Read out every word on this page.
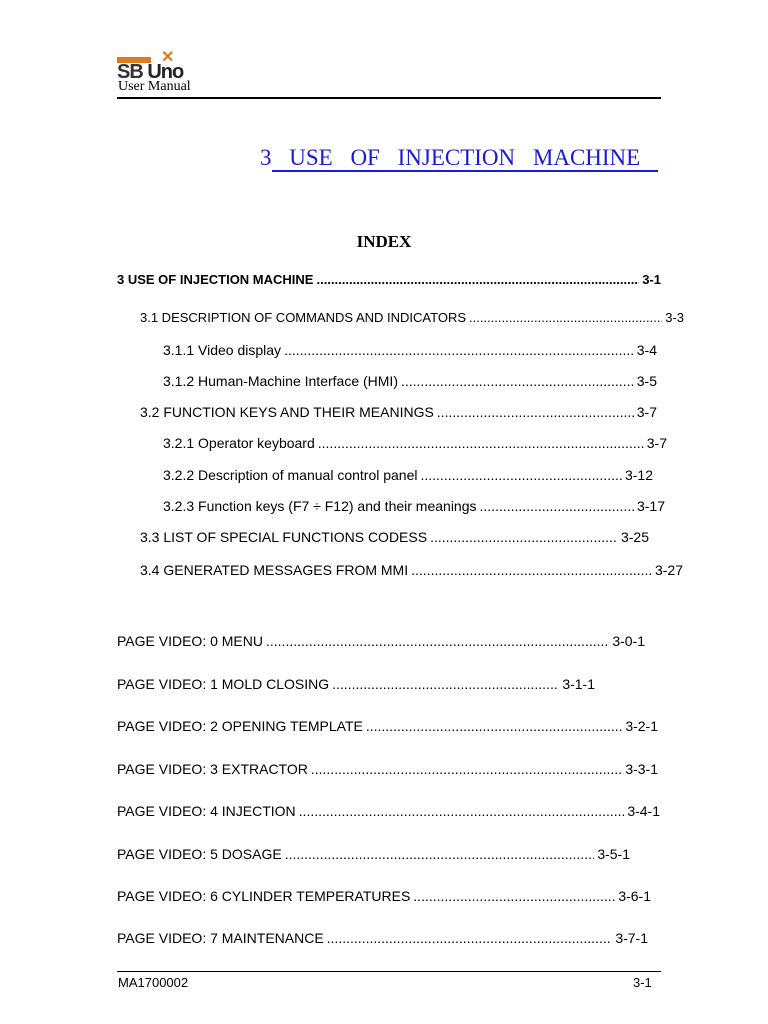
✕
SB Uno
User Manual
3 USE OF INJECTION MACHINE
INDEX
3 USE OF INJECTION MACHINE .....	3-1
3.1 DESCRIPTION OF COMMANDS AND INDICATORS .....	3-3
3.1.1 Video display .....	3-4
3.1.2 Human-Machine Interface (HMI) .....	3-5
3.2 FUNCTION KEYS AND THEIR MEANINGS .....	3-7
3.2.1 Operator keyboard .....	3-7
3.2.2 Description of manual control panel .....	3-12
3.2.3 Function keys (F7 ÷ F12) and their meanings .....	3-17
3.3 LIST OF SPECIAL FUNCTIONS CODESS .....	3-25
3.4 GENERATED MESSAGES FROM MMI .....	3-27
PAGE VIDEO: 0 MENU .....	3-0-1
PAGE VIDEO: 1 MOLD CLOSING .....	3-1-1
PAGE VIDEO: 2 OPENING TEMPLATE .....	3-2-1
PAGE VIDEO: 3 EXTRACTOR .....	3-3-1
PAGE VIDEO: 4 INJECTION .....	3-4-1
PAGE VIDEO: 5 DOSAGE .....	3-5-1
PAGE VIDEO: 6 CYLINDER TEMPERATURES .....	3-6-1
PAGE VIDEO: 7 MAINTENANCE .....	3-7-1
MA1700002	3-1
